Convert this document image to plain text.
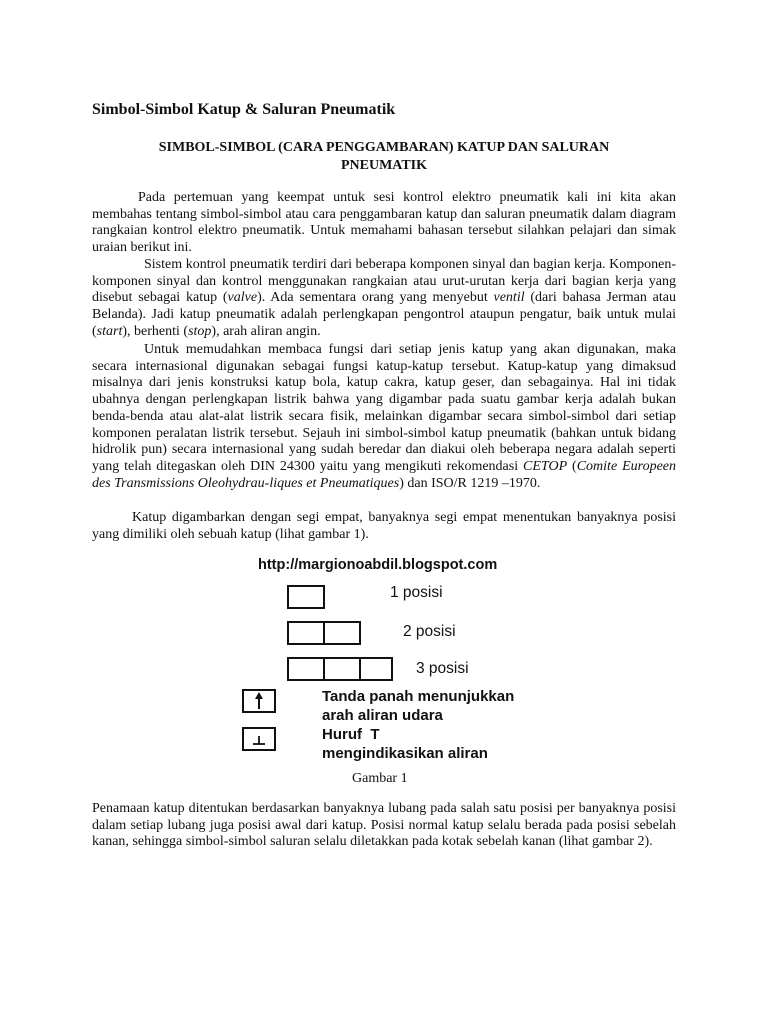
Simbol-Simbol Katup & Saluran Pneumatik
SIMBOL-SIMBOL (CARA PENGGAMBARAN) KATUP DAN SALURAN
PNEUMATIK

Pada pertemuan yang keempat untuk sesi kontrol elektro pneumatik kali ini kita akan membahas tentang simbol-simbol atau cara penggambaran katup dan saluran pneumatik dalam diagram rangkaian kontrol elektro pneumatik. Untuk memahami bahasan tersebut silahkan pelajari dan simak uraian berikut ini.

Sistem kontrol pneumatik terdiri dari beberapa komponen sinyal dan bagian kerja. Komponen-komponen sinyal dan kontrol menggunakan rangkaian atau urut-urutan kerja dari bagian kerja yang disebut sebagai katup (valve). Ada sementara orang yang menyebut ventil (dari bahasa Jerman atau Belanda). Jadi katup pneumatik adalah perlengkapan pengontrol ataupun pengatur, baik untuk mulai (start), berhenti (stop), arah aliran angin.

Untuk memudahkan membaca fungsi dari setiap jenis katup yang akan digunakan, maka secara internasional digunakan sebagai fungsi katup-katup tersebut. Katup-katup yang dimaksud misalnya dari jenis konstruksi katup bola, katup cakra, katup geser, dan sebagainya. Hal ini tidak ubahnya dengan perlengkapan listrik bahwa yang digambar pada suatu gambar kerja adalah bukan benda-benda atau alat-alat listrik secara fisik, melainkan digambar secara simbol-simbol dari setiap komponen peralatan listrik tersebut. Sejauh ini simbol-simbol katup pneumatik (bahkan untuk bidang hidrolik pun) secara internasional yang sudah beredar dan diakui oleh beberapa negara adalah seperti yang telah ditegaskan oleh DIN 24300 yaitu yang mengikuti rekomendasi CETOP (Comite Europeen des Transmissions Oleohydrau-liques et Pneumatiques) dan ISO/R 1219 –1970.

Katup digambarkan dengan segi empat, banyaknya segi empat menentukan banyaknya posisi yang dimiliki oleh sebuah katup (lihat gambar 1).

http://margionoabdil.blogspot.com
1 posisi
2 posisi
3 posisi
Tanda panah menunjukkan
arah aliran udara
Huruf  T
mengindikasikan aliran
Gambar 1

Penamaan katup ditentukan berdasarkan banyaknya lubang pada salah satu posisi per banyaknya posisi dalam setiap lubang juga posisi awal dari katup. Posisi normal katup selalu berada pada posisi sebelah kanan, sehingga simbol-simbol saluran selalu diletakkan pada kotak sebelah kanan (lihat gambar 2).
